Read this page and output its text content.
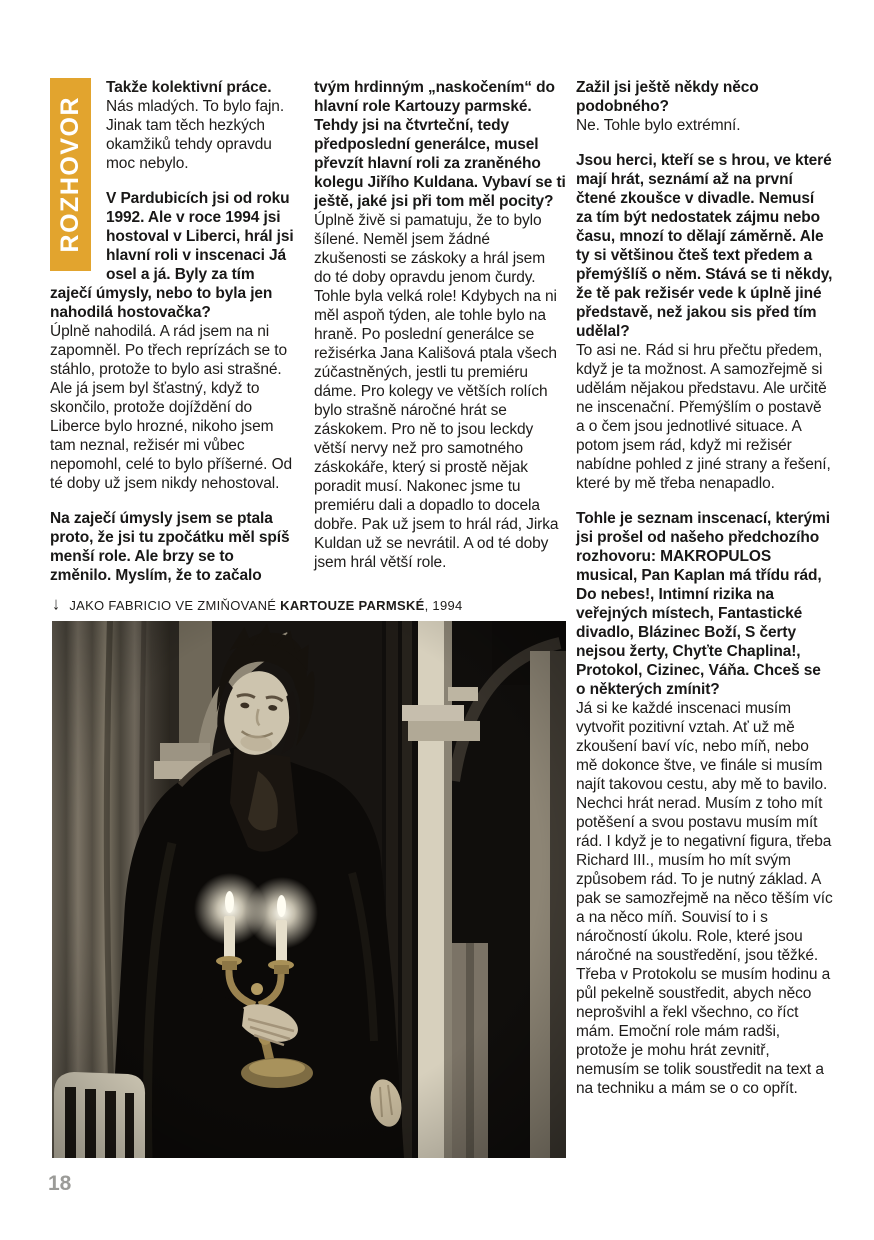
ROZHOVOR

Takže kolektivní práce. Nás mladých. To bylo fajn. Jinak tam těch hezkých okamžiků tehdy opravdu moc nebylo.

V Pardubicích jsi od roku 1992. Ale v roce 1994 jsi hostoval v Liberci, hrál jsi hlavní roli v inscenaci Já osel a já. Byly za tím zaječí úmysly, nebo to byla jen nahodilá hostovačka?

Úplně nahodilá. A rád jsem na ni zapomněl. Po třech reprízách se to stáhlo, protože to bylo asi strašné. Ale já jsem byl šťastný, když to skončilo, protože dojíždění do Liberce bylo hrozné, nikoho jsem tam neznal, režisér mi vůbec nepomohl, celé to bylo příšerné. Od té doby už jsem nikdy nehostoval.

Na zaječí úmysly jsem se ptala proto, že jsi tu zpočátku měl spíš menší role. Ale brzy se to změnilo. Myslím, že to začalo

tvým hrdinným „naskočením“ do hlavní role Kartouzy parmské. Tehdy jsi na čtvrteční, tedy předposlední generálce, musel převzít hlavní roli za zraněného kolegu Jiřího Kuldana. Vybaví se ti ještě, jaké jsi při tom měl pocity?

Úplně živě si pamatuju, že to bylo šílené. Neměl jsem žádné zkušenosti se záskoky a hrál jsem do té doby opravdu jenom čurdy. Tohle byla velká role! Kdybych na ni měl aspoň týden, ale tohle bylo na hraně. Po poslední generálce se režisérka Jana Kališová ptala všech zúčastněných, jestli tu premiéru dáme. Pro kolegy ve větších rolích bylo strašně náročné hrát se záskokem. Pro ně to jsou leckdy větší nervy než pro samotného záskokáře, který si prostě nějak poradit musí. Nakonec jsme tu premiéru dali a dopadlo to docela dobře. Pak už jsem to hrál rád, Jirka Kuldan už se nevrátil. A od té doby jsem hrál větší role.

Zažil jsi ještě někdy něco podobného?

Ne. Tohle bylo extrémní.

Jsou herci, kteří se s hrou, ve které mají hrát, seznámí až na první čtené zkoušce v divadle. Nemusí za tím být nedostatek zájmu nebo času, mnozí to dělají záměrně. Ale ty si většinou čteš text předem a přemýšlíš o něm. Stává se ti někdy, že tě pak režisér vede k úplně jiné představě, než jakou sis před tím udělal?

To asi ne. Rád si hru přečtu předem, když je ta možnost. A samozřejmě si udělám nějakou představu. Ale určitě ne inscenační. Přemýšlím o postavě a o čem jsou jednotlivé situace. A potom jsem rád, když mi režisér nabídne pohled z jiné strany a řešení, které by mě třeba nenapadlo.

Tohle je seznam inscenací, kterými jsi prošel od našeho předchozího rozhovoru: MAKROPULOS musical, Pan Kaplan má třídu rád, Do nebes!, Intimní rizika na veřejných místech, Fantastické divadlo, Blázinec Boží, S čerty nejsou žerty, Chyťte Chaplina!, Protokol, Cizinec, Váňa. Chceš se o některých zmínit?

Já si ke každé inscenaci musím vytvořit pozitivní vztah. Ať už mě zkoušení baví víc, nebo míň, nebo mě dokonce štve, ve finále si musím najít takovou cestu, aby mě to bavilo. Nechci hrát nerad. Musím z toho mít potěšení a svou postavu musím mít rád. I když je to negativní figura, třeba Richard III., musím ho mít svým způsobem rád. To je nutný základ. A pak se samozřejmě na něco těším víc a na něco míň. Souvisí to i s náročností úkolu. Role, které jsou náročné na soustředění, jsou těžké. Třeba v Protokolu se musím hodinu a půl pekelně soustředit, abych něco neprošvihl a řekl všechno, co říct mám. Emoční role mám radši, protože je mohu hrát zevnitř, nemusím se tolik soustředit na text a na techniku a mám se o co opřít.

↓ JAKO FABRICIO VE ZMIŇOVANÉ KARTOUZE PARMSKÉ, 1994
18
